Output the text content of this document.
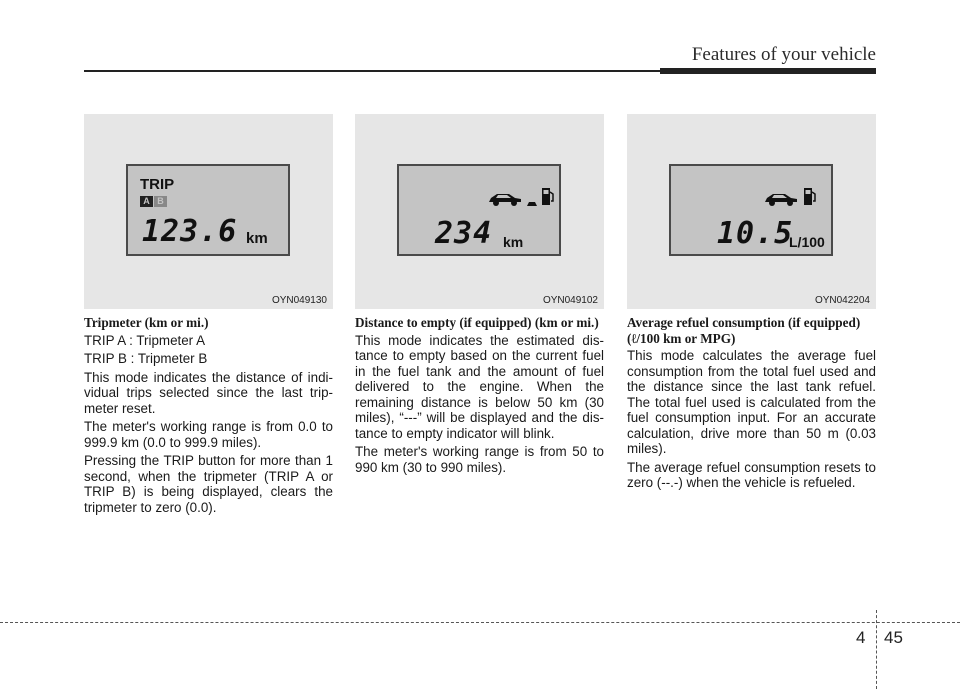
Features of your vehicle
TRIP
A B
123.6 km
OYN049130
234 km
OYN049102
10.5
L/100
OYN042204
Tripmeter (km or mi.)

TRIP A : Tripmeter A

TRIP B : Tripmeter B

This mode indicates the distance of indi- vidual trips selected since the last trip- meter reset.

The meter's working range is from 0.0 to 999.9 km (0.0 to 999.9 miles).

Pressing the TRIP button for more than 1 second, when the tripmeter (TRIP A or TRIP B) is being displayed, clears the tripmeter to zero (0.0).

Distance to empty (if equipped) (km or mi.)

This mode indicates the estimated dis- tance to empty based on the current fuel in the fuel tank and the amount of fuel delivered to the engine. When the remaining distance is below 50 km (30 miles), “---” will be displayed and the dis- tance to empty indicator will blink.

The meter's working range is from 50 to 990 km (30 to 990 miles).

Average refuel consumption (if equipped) (ℓ/100 km or MPG)

This mode calculates the average fuel consumption from the total fuel used and the distance since the last tank refuel. The total fuel used is calculated from the fuel consumption input. For an accurate calculation, drive more than 50 m (0.03 miles).

The average refuel consumption resets to zero (--.-) when the vehicle is refueled.

4 45
